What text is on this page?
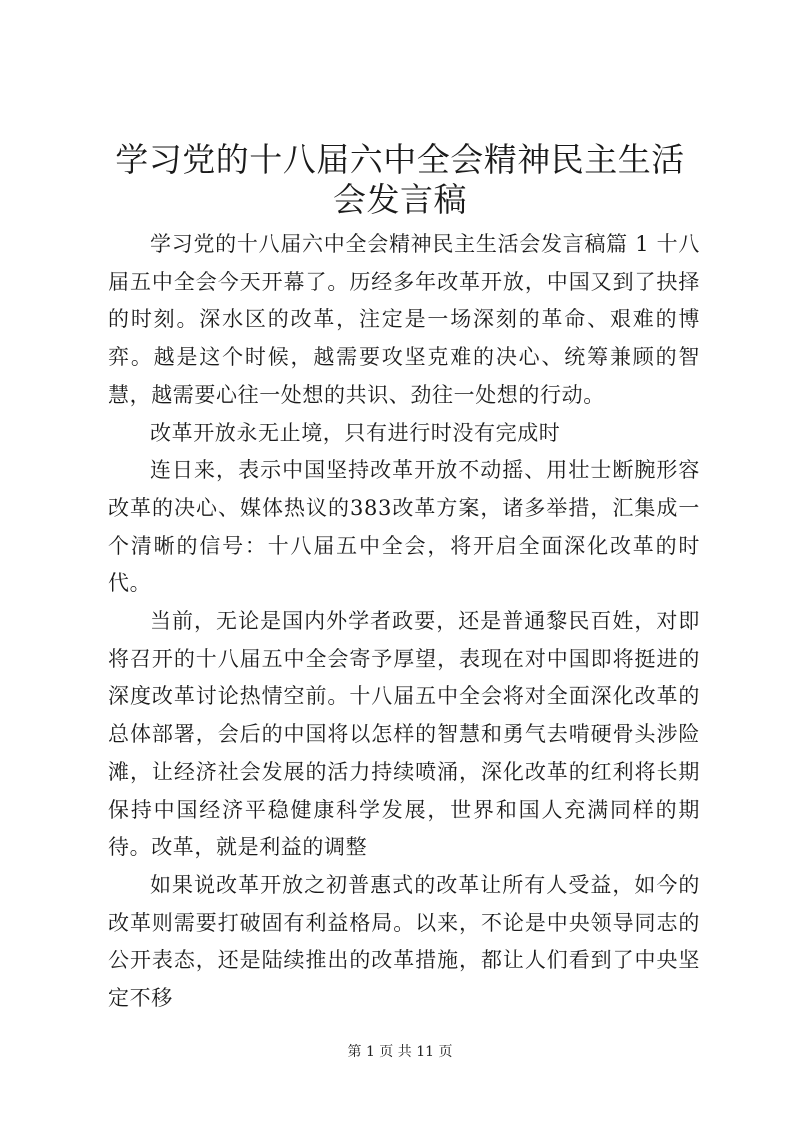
学习党的十八届六中全会精神民主生活会发言稿

学习党的十八届六中全会精神民主生活会发言稿篇 1 十八届五中全会今天开幕了。历经多年改革开放，中国又到了抉择的时刻。深水区的改革，注定是一场深刻的革命、艰难的博弈。越是这个时候，越需要攻坚克难的决心、统筹兼顾的智慧，越需要心往一处想的共识、劲往一处想的行动。

改革开放永无止境，只有进行时没有完成时

连日来，表示中国坚持改革开放不动摇、用壮士断腕形容改革的决心、媒体热议的383改革方案，诸多举措，汇集成一个清晰的信号：十八届五中全会，将开启全面深化改革的时代。

当前，无论是国内外学者政要，还是普通黎民百姓，对即将召开的十八届五中全会寄予厚望，表现在对中国即将挺进的深度改革讨论热情空前。十八届五中全会将对全面深化改革的总体部署，会后的中国将以怎样的智慧和勇气去啃硬骨头涉险滩，让经济社会发展的活力持续喷涌，深化改革的红利将长期保持中国经济平稳健康科学发展，世界和国人充满同样的期待。改革，就是利益的调整

如果说改革开放之初普惠式的改革让所有人受益，如今的改革则需要打破固有利益格局。以来，不论是中央领导同志的公开表态，还是陆续推出的改革措施，都让人们看到了中央坚定不移

第 1 页 共 11 页
